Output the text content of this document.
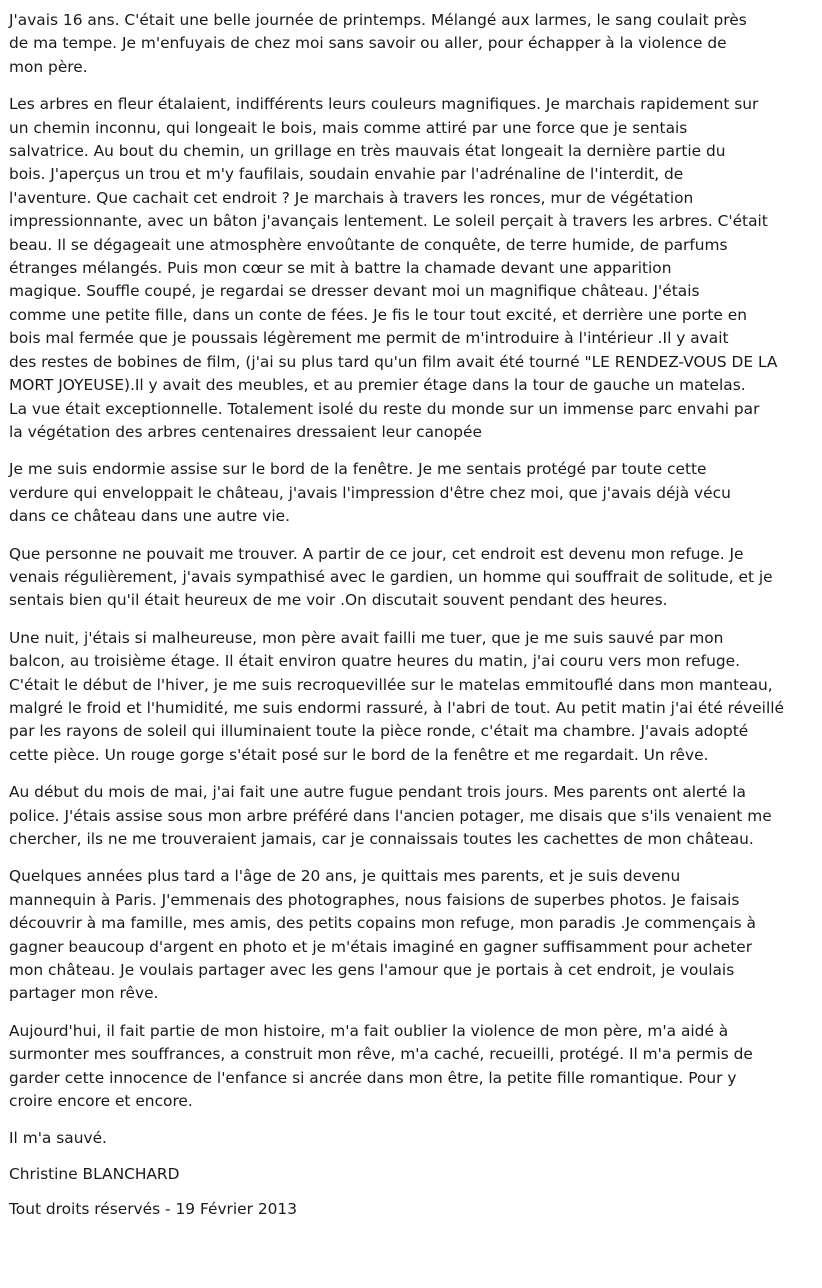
J'avais 16 ans. C'était une belle journée de printemps. Mélangé aux larmes, le sang coulait près
de ma tempe. Je m'enfuyais de chez moi sans savoir ou aller, pour échapper à la violence de
mon père.

Les arbres en fleur étalaient, indifférents leurs couleurs magnifiques. Je marchais rapidement sur
un chemin inconnu, qui longeait le bois, mais comme attiré par une force que je sentais
salvatrice. Au bout du chemin, un grillage en très mauvais état longeait la dernière partie du
bois. J'aperçus un trou et m'y faufilais, soudain envahie par l'adrénaline de l'interdit, de
l'aventure. Que cachait cet endroit ? Je marchais à travers les ronces, mur de végétation
impressionnante, avec un bâton j'avançais lentement. Le soleil perçait à travers les arbres. C'était
beau. Il se dégageait une atmosphère envoûtante de conquête, de terre humide, de parfums
étranges mélangés. Puis mon cœur se mit à battre la chamade devant une apparition
magique. Souffle coupé, je regardai se dresser devant moi un magnifique château. J'étais
comme une petite fille, dans un conte de fées. Je fis le tour tout excité, et derrière une porte en
bois mal fermée que je poussais légèrement me permit de m'introduire à l'intérieur .Il y avait
des restes de bobines de film, (j'ai su plus tard qu'un film avait été tourné "LE RENDEZ-VOUS DE LA
MORT JOYEUSE).Il y avait des meubles, et au premier étage dans la tour de gauche un matelas.
La vue était exceptionnelle. Totalement isolé du reste du monde sur un immense parc envahi par
la végétation des arbres centenaires dressaient leur canopée

Je me suis endormie assise sur le bord de la fenêtre. Je me sentais protégé par toute cette
verdure qui enveloppait le château, j'avais l'impression d'être chez moi, que j'avais déjà vécu
dans ce château dans une autre vie.

Que personne ne pouvait me trouver. A partir de ce jour, cet endroit est devenu mon refuge. Je
venais régulièrement, j'avais sympathisé avec le gardien, un homme qui souffrait de solitude, et je
sentais bien qu'il était heureux de me voir .On discutait souvent pendant des heures.

Une nuit, j'étais si malheureuse, mon père avait failli me tuer, que je me suis sauvé par mon
balcon, au troisième étage. Il était environ quatre heures du matin, j'ai couru vers mon refuge.
C'était le début de l'hiver, je me suis recroquevillée sur le matelas emmitouflé dans mon manteau,
malgré le froid et l'humidité, me suis endormi rassuré, à l'abri de tout. Au petit matin j'ai été réveillé
par les rayons de soleil qui illuminaient toute la pièce ronde, c'était ma chambre. J'avais adopté
cette pièce. Un rouge gorge s'était posé sur le bord de la fenêtre et me regardait. Un rêve.

Au début du mois de mai, j'ai fait une autre fugue pendant trois jours. Mes parents ont alerté la
police. J'étais assise sous mon arbre préféré dans l'ancien potager, me disais que s'ils venaient me
chercher, ils ne me trouveraient jamais, car je connaissais toutes les cachettes de mon château.

Quelques années plus tard a l'âge de 20 ans, je quittais mes parents, et je suis devenu
mannequin à Paris. J'emmenais des photographes, nous faisions de superbes photos. Je faisais
découvrir à ma famille, mes amis, des petits copains mon refuge, mon paradis .Je commençais à
gagner beaucoup d'argent en photo et je m'étais imaginé en gagner suffisamment pour acheter
mon château. Je voulais partager avec les gens l'amour que je portais à cet endroit, je voulais
partager mon rêve.

Aujourd'hui, il fait partie de mon histoire, m'a fait oublier la violence de mon père, m'a aidé à
surmonter mes souffrances, a construit mon rêve, m'a caché, recueilli, protégé. Il m'a permis de
garder cette innocence de l'enfance si ancrée dans mon être, la petite fille romantique. Pour y
croire encore et encore.

Il m'a sauvé.

Christine BLANCHARD

Tout droits réservés - 19 Février 2013
